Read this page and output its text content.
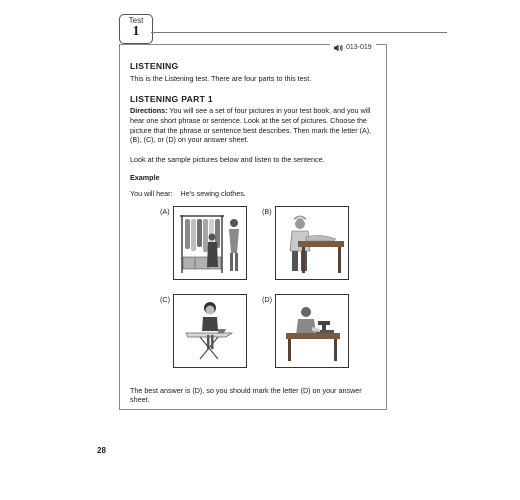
Test
1
013-019
LISTENING

This is the Listening test. There are four parts to this test.

LISTENING PART 1

Directions: You will see a set of four pictures in your test book, and you will hear one short phrase or sentence. Look at the set of pictures. Choose the picture that the phrase or sentence best describes. Then mark the letter (A), (B), (C), or (D) on your answer sheet.

Look at the sample pictures below and listen to the sentence.

Example
You will hear: He's sewing clothes.
(A)	(B)
(C)	(D)

The best answer is (D), so you should mark the letter (D) on your answer sheet.

28
